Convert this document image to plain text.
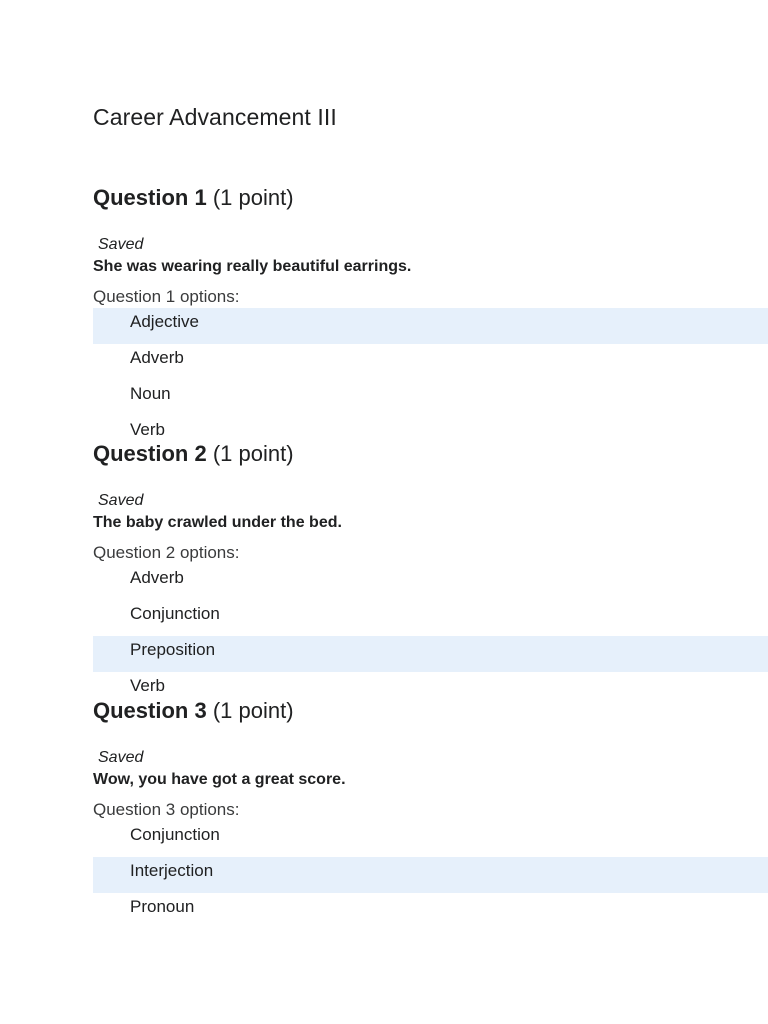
Career Advancement III
Question 1 (1 point)
Saved
She was wearing really beautiful earrings.
Question 1 options:
Adjective
Adverb
Noun
Verb
Question 2 (1 point)
Saved
The baby crawled under the bed.
Question 2 options:
Adverb
Conjunction
Preposition
Verb
Question 3 (1 point)
Saved
Wow, you have got a great score.
Question 3 options:
Conjunction
Interjection
Pronoun
